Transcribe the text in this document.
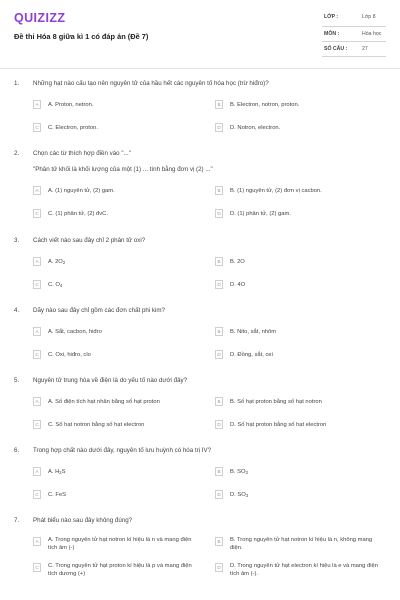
QUIZIZZ
Đề thi Hóa 8 giữa kì 1 có đáp án (Đề 7)
LỚP :	Lớp 8
MÔN :	Hóa học
SỐ CÂU :	27
1. Những hạt nào cấu tạo nên nguyên tử của hầu hết các nguyên tố hóa học (trừ hiđro)?
A	A. Proton, netron.	B	B. Electron, notron, proton.
C	C. Electron, proton.	D	D. Notron, electron.
2. Chọn các từ thích hợp điền vào "..."
"Phân tử khối là khối lượng của một (1) ... tính bằng đơn vị (2) ..."
A	A. (1) nguyên tử, (2) gam.	B	B. (1) nguyên tử, (2) đơn vị cacbon.
C	C. (1) phân tử, (2) đvC.	D	D. (1) phân tử, (2) gam.
3. Cách viết nào sau đây chỉ 2 phân tử oxi?
A	A. $2O_2$	B	B. 2O
C	C. $O_4$	D	D. 4O
4. Dãy nào sau đây chỉ gồm các đơn chất phi kim?
A	A. Sắt, cacbon, hiđro	B	B. Nito, sắt, nhôm
C	C. Oxi, hiđro, clo	D	D. Đồng, sắt, oxi
5. Nguyên tử trung hòa về điện là do yếu tố nào dưới đây?
A	A. Số điện tích hạt nhân bằng số hạt proton	B	B. Số hạt proton bằng số hạt notron
C	C. Số hạt notron bằng số hạt electron	D	D. Số hạt proton bằng số hạt electron
6. Trong hợp chất nào dưới đây, nguyên tố lưu huỳnh có hóa trị IV?
A	A. $H_2S$	B	B. $SO_3$
C	C. FeS	D	D. $SO_3$
7. Phát biểu nào sau đây không đúng?
A	A. Trong nguyên tử hạt notron kí hiệu là n và mang điện tích âm (-)
B	B. Trong nguyên tử hạt notron kí hiệu là n, không mang điện.
C	C. Trong nguyên tử hạt proton kí hiệu là p và mang điện tích dương (+)
D	D. Trong nguyên tử hạt electron kí hiệu là e và mang điện tích âm (-).
